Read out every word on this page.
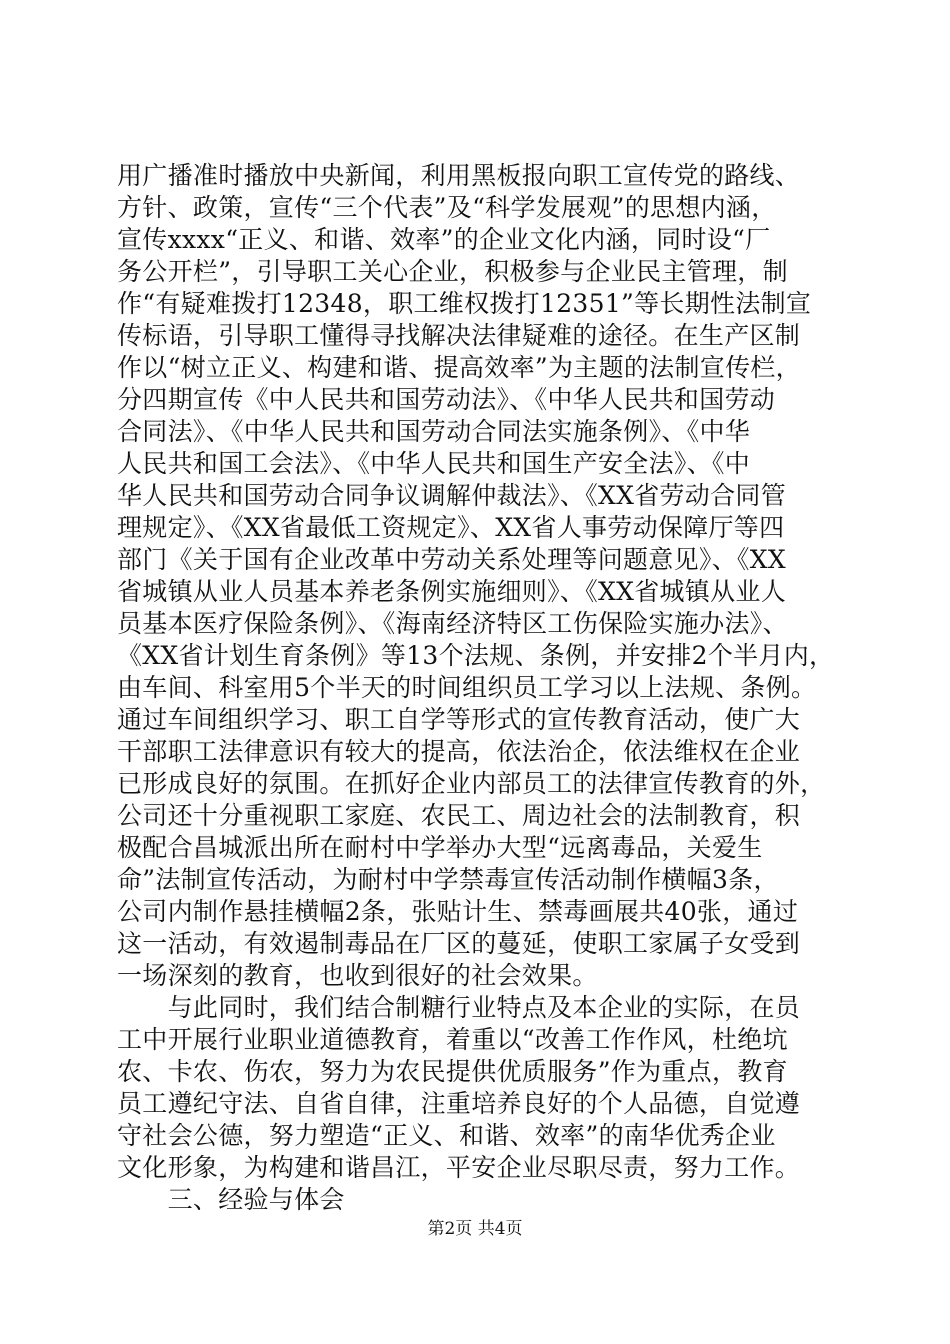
用广播准时播放中央新闻，利用黑板报向职工宣传党的路线、
方针、政策，宣传“三个代表”及“科学发展观”的思想内涵，
宣传xxxx“正义、和谐、效率”的企业文化内涵，同时设“厂
务公开栏”，引导职工关心企业，积极参与企业民主管理，制
作“有疑难拨打12348，职工维权拨打12351”等长期性法制宣
传标语，引导职工懂得寻找解决法律疑难的途径。在生产区制
作以“树立正义、构建和谐、提高效率”为主题的法制宣传栏，
分四期宣传《中人民共和国劳动法》、《中华人民共和国劳动
合同法》、《中华人民共和国劳动合同法实施条例》、《中华
人民共和国工会法》、《中华人民共和国生产安全法》、《中
华人民共和国劳动合同争议调解仲裁法》、《XX省劳动合同管
理规定》、《XX省最低工资规定》、XX省人事劳动保障厅等四
部门《关于国有企业改革中劳动关系处理等问题意见》、《XX
省城镇从业人员基本养老条例实施细则》、《XX省城镇从业人
员基本医疗保险条例》、《海南经济特区工伤保险实施办法》、
《XX省计划生育条例》等13个法规、条例，并安排2个半月内，
由车间、科室用5个半天的时间组织员工学习以上法规、条例。
通过车间组织学习、职工自学等形式的宣传教育活动，使广大
干部职工法律意识有较大的提高，依法治企，依法维权在企业
已形成良好的氛围。在抓好企业内部员工的法律宣传教育的外，
公司还十分重视职工家庭、农民工、周边社会的法制教育，积
极配合昌城派出所在耐村中学举办大型“远离毒品，关爱生
命”法制宣传活动，为耐村中学禁毒宣传活动制作横幅3条，
公司内制作悬挂横幅2条，张贴计生、禁毒画展共40张，通过
这一活动，有效遏制毒品在厂区的蔓延，使职工家属子女受到
一场深刻的教育，也收到很好的社会效果。
　　与此同时，我们结合制糖行业特点及本企业的实际，在员
工中开展行业职业道德教育，着重以“改善工作作风，杜绝坑
农、卡农、伤农，努力为农民提供优质服务”作为重点，教育
员工遵纪守法、自省自律，注重培养良好的个人品德，自觉遵
守社会公德，努力塑造“正义、和谐、效率”的南华优秀企业
文化形象，为构建和谐昌江，平安企业尽职尽责，努力工作。
　　三、经验与体会
第2页 共4页
